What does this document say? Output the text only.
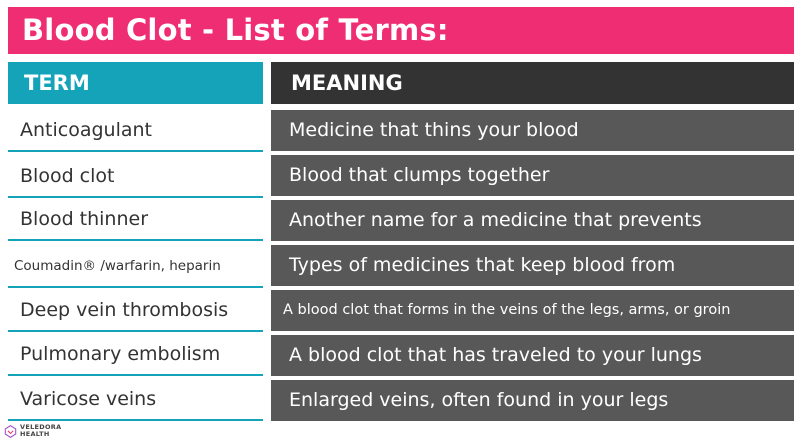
Blood Clot - List of Terms:
TERM	MEANING
Anticoagulant	Medicine that thins your blood
Blood clot	Blood that clumps together
Blood thinner	Another name for a medicine that prevents
Coumadin® /warfarin, heparin	Types of medicines that keep blood from
Deep vein thrombosis	A blood clot that forms in the veins of the legs, arms, or groin
Pulmonary embolism	A blood clot that has traveled to your lungs
Varicose veins	Enlarged veins, often found in your legs
VELEDORA
HEALTH
